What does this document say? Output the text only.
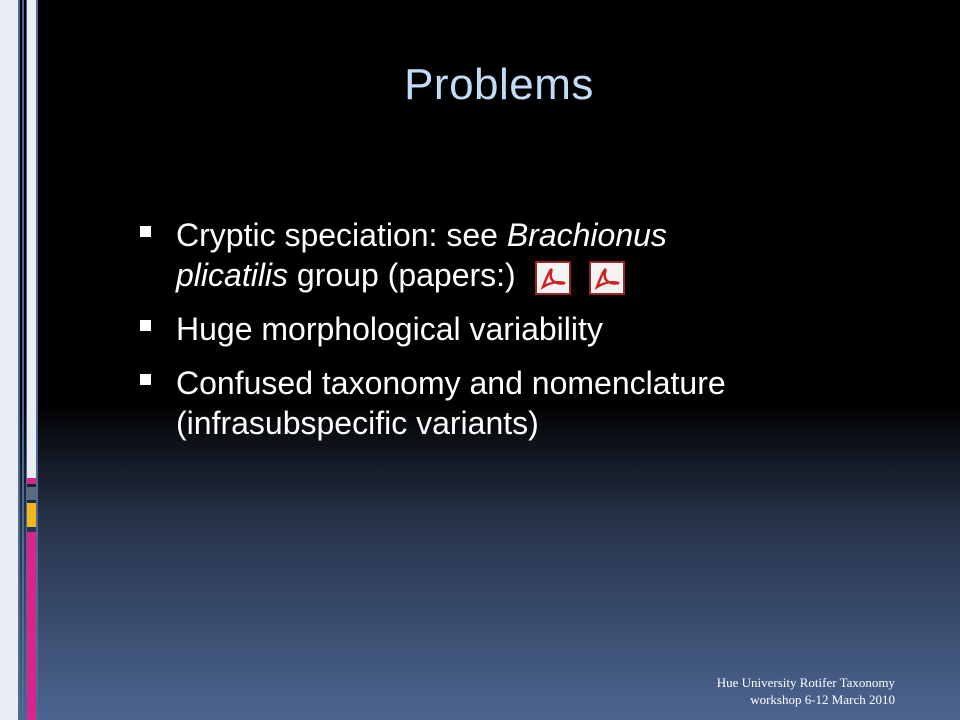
Problems
Cryptic speciation: see Brachionus
plicatilis group (papers:)
Huge morphological variability
Confused taxonomy and nomenclature
(infrasubspecific variants)
Hue University Rotifer Taxonomy
workshop 6-12 March 2010
